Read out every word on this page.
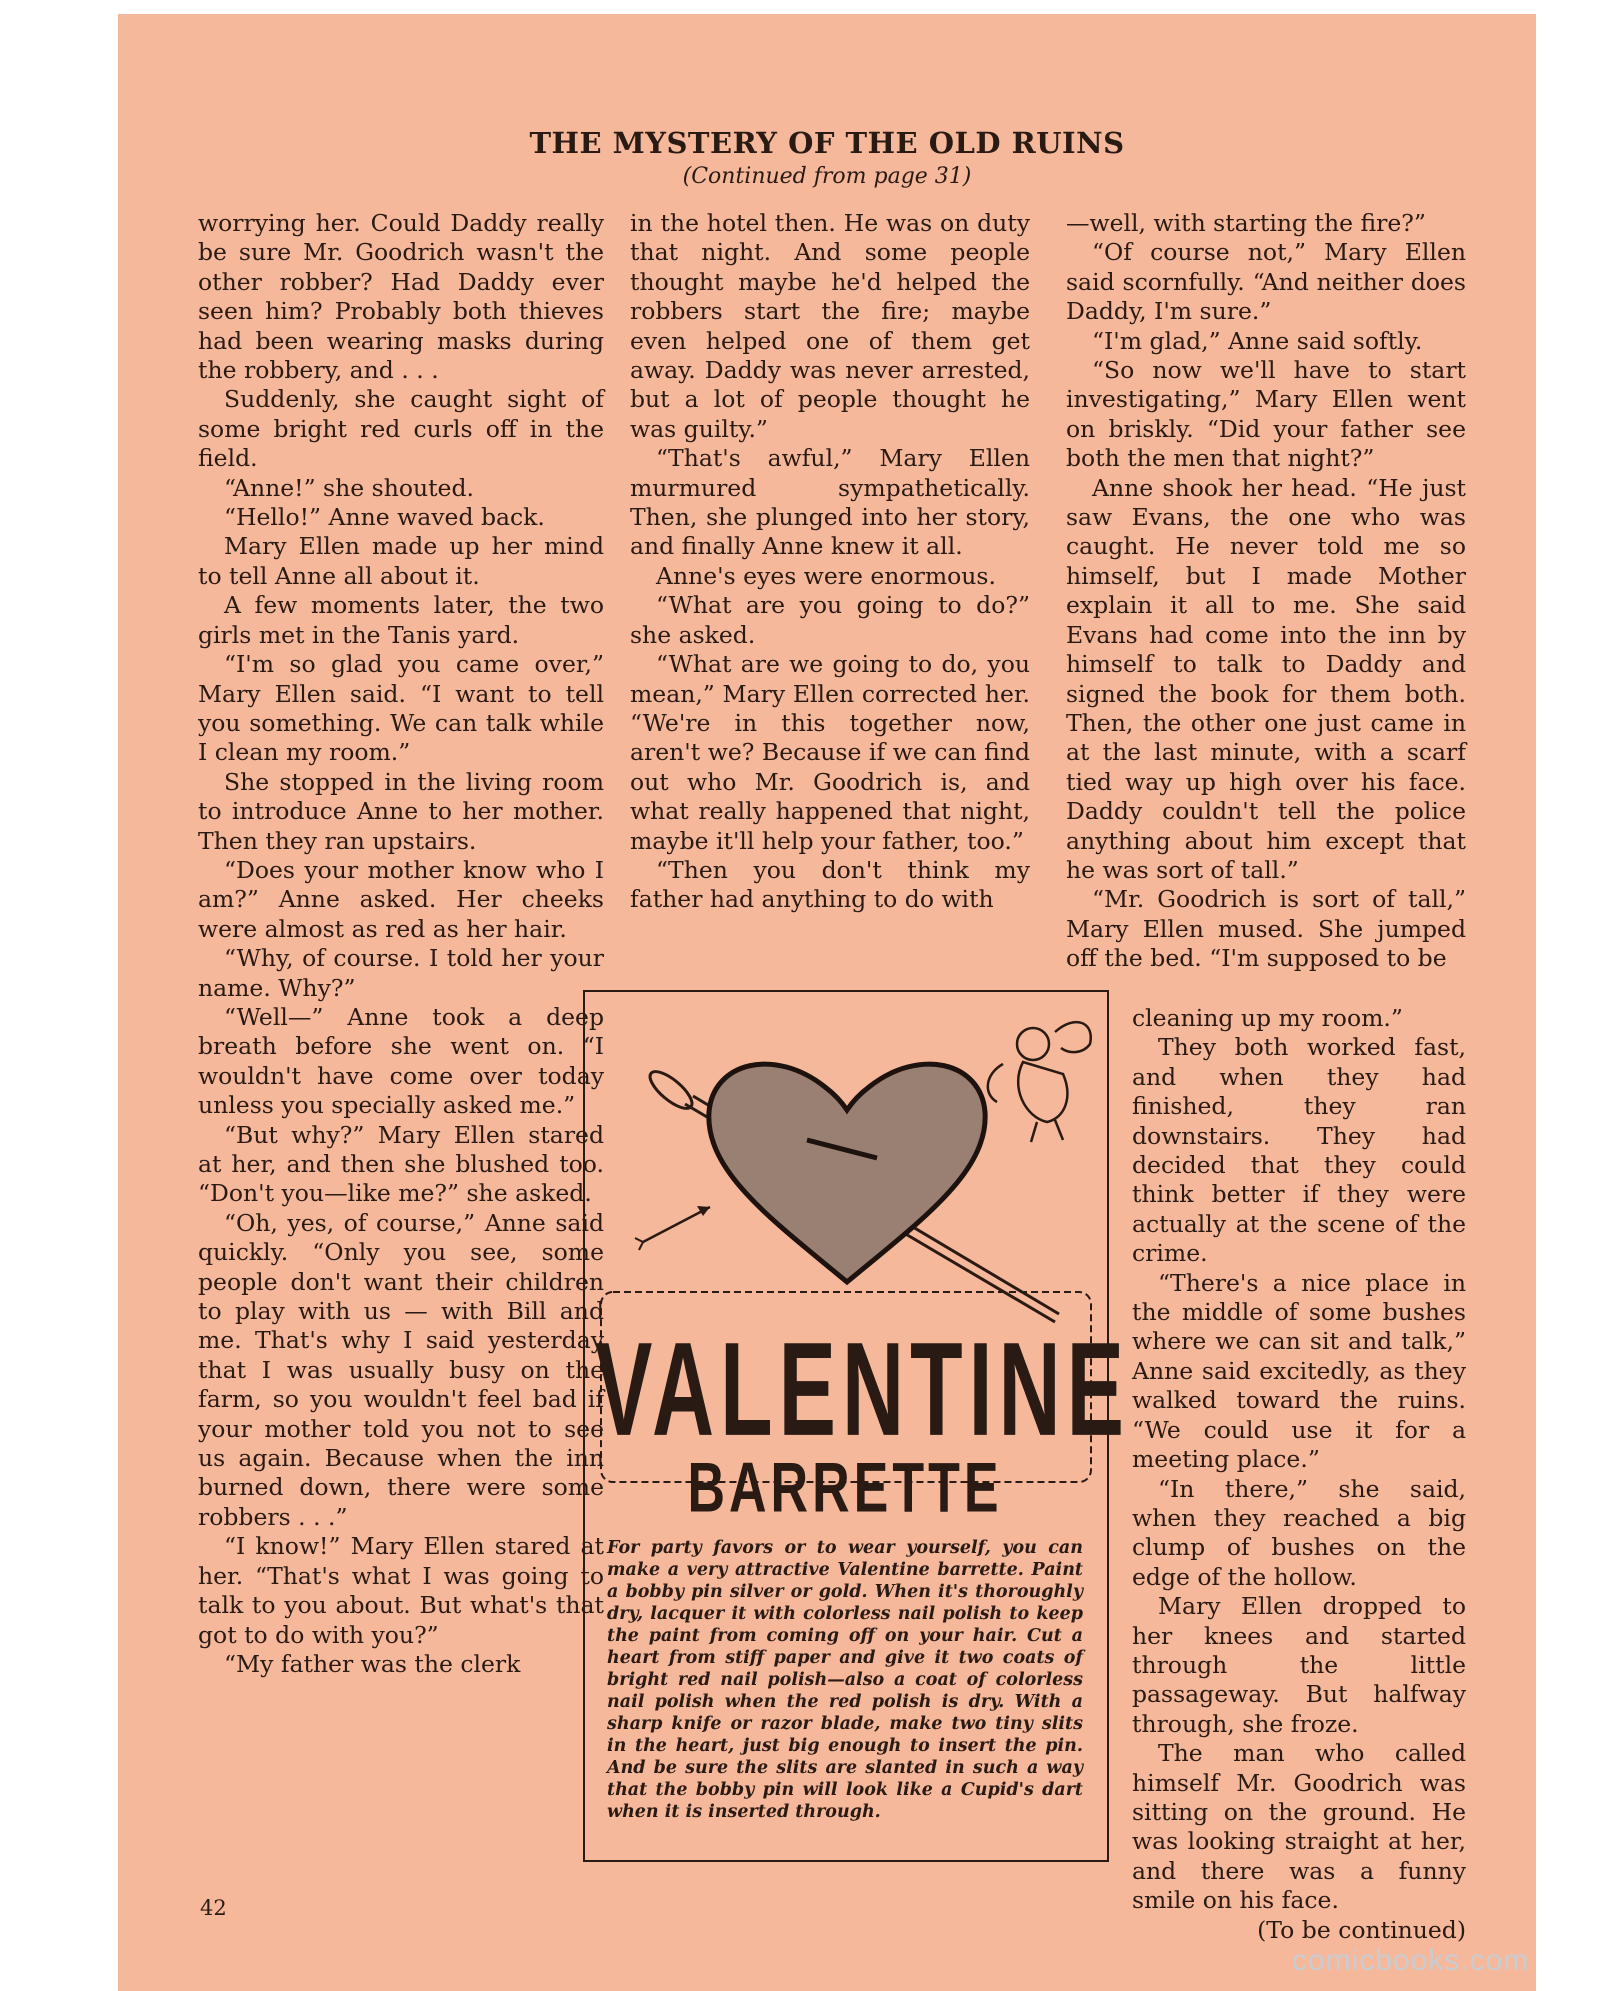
THE MYSTERY OF THE OLD RUINS
(Continued from page 31)

worrying her. Could Daddy really be sure Mr. Goodrich wasn't the other robber? Had Daddy ever seen him? Probably both thieves had been wearing masks during the robbery, and . . .

Suddenly, she caught sight of some bright red curls off in the field.

“Anne!” she shouted.

“Hello!” Anne waved back.

Mary Ellen made up her mind to tell Anne all about it.

A few moments later, the two girls met in the Tanis yard.

“I'm so glad you came over,” Mary Ellen said. “I want to tell you something. We can talk while I clean my room.”

She stopped in the living room to introduce Anne to her mother. Then they ran upstairs.

“Does your mother know who I am?” Anne asked. Her cheeks were almost as red as her hair.

“Why, of course. I told her your name. Why?”

“Well—” Anne took a deep breath before she went on. “I wouldn't have come over today unless you specially asked me.”

“But why?” Mary Ellen stared at her, and then she blushed too. “Don't you—like me?” she asked.

“Oh, yes, of course,” Anne said quickly. “Only you see, some people don't want their children to play with us — with Bill and me. That's why I said yesterday that I was usually busy on the farm, so you wouldn't feel bad if your mother told you not to see us again. Because when the inn burned down, there were some robbers . . .”

“I know!” Mary Ellen stared at her. “That's what I was going to talk to you about. But what's that got to do with you?”

“My father was the clerk

in the hotel then. He was on duty that night. And some people thought maybe he'd helped the robbers start the fire; maybe even helped one of them get away. Daddy was never arrested, but a lot of people thought he was guilty.”

“That's awful,” Mary Ellen murmured sympathetically. Then, she plunged into her story, and finally Anne knew it all.

Anne's eyes were enormous.

“What are you going to do?” she asked.

“What are we going to do, you mean,” Mary Ellen corrected her. “We're in this together now, aren't we? Because if we can find out who Mr. Goodrich is, and what really happened that night, maybe it'll help your father, too.”

“Then you don't think my father had anything to do with

—well, with starting the fire?”

“Of course not,” Mary Ellen said scornfully. “And neither does Daddy, I'm sure.”

“I'm glad,” Anne said softly.

“So now we'll have to start investigating,” Mary Ellen went on briskly. “Did your father see both the men that night?”

Anne shook her head. “He just saw Evans, the one who was caught. He never told me so himself, but I made Mother explain it all to me. She said Evans had come into the inn by himself to talk to Daddy and signed the book for them both. Then, the other one just came in at the last minute, with a scarf tied way up high over his face. Daddy couldn't tell the police anything about him except that he was sort of tall.”

“Mr. Goodrich is sort of tall,” Mary Ellen mused. She jumped off the bed. “I'm supposed to be

cleaning up my room.”

They both worked fast, and when they had finished, they ran downstairs. They had decided that they could think better if they were actually at the scene of the crime.

“There's a nice place in the middle of some bushes where we can sit and talk,” Anne said excitedly, as they walked toward the ruins. “We could use it for a meeting place.”

“In there,” she said, when they reached a big clump of bushes on the edge of the hollow.

Mary Ellen dropped to her knees and started through the little passageway. But halfway through, she froze.

The man who called himself Mr. Goodrich was sitting on the ground. He was looking straight at her, and there was a funny smile on his face.

(To be continued)

VALENTINE
BARRETTE
For party favors or to wear yourself, you can make a very attractive Valentine barrette. Paint a bobby pin silver or gold. When it's thoroughly dry, lacquer it with colorless nail polish to keep the paint from coming off on your hair. Cut a heart from stiff paper and give it two coats of bright red nail polish—also a coat of colorless nail polish when the red polish is dry. With a sharp knife or razor blade, make two tiny slits in the heart, just big enough to insert the pin. And be sure the slits are slanted in such a way that the bobby pin will look like a Cupid's dart when it is inserted through.
42
comicbooks.com
